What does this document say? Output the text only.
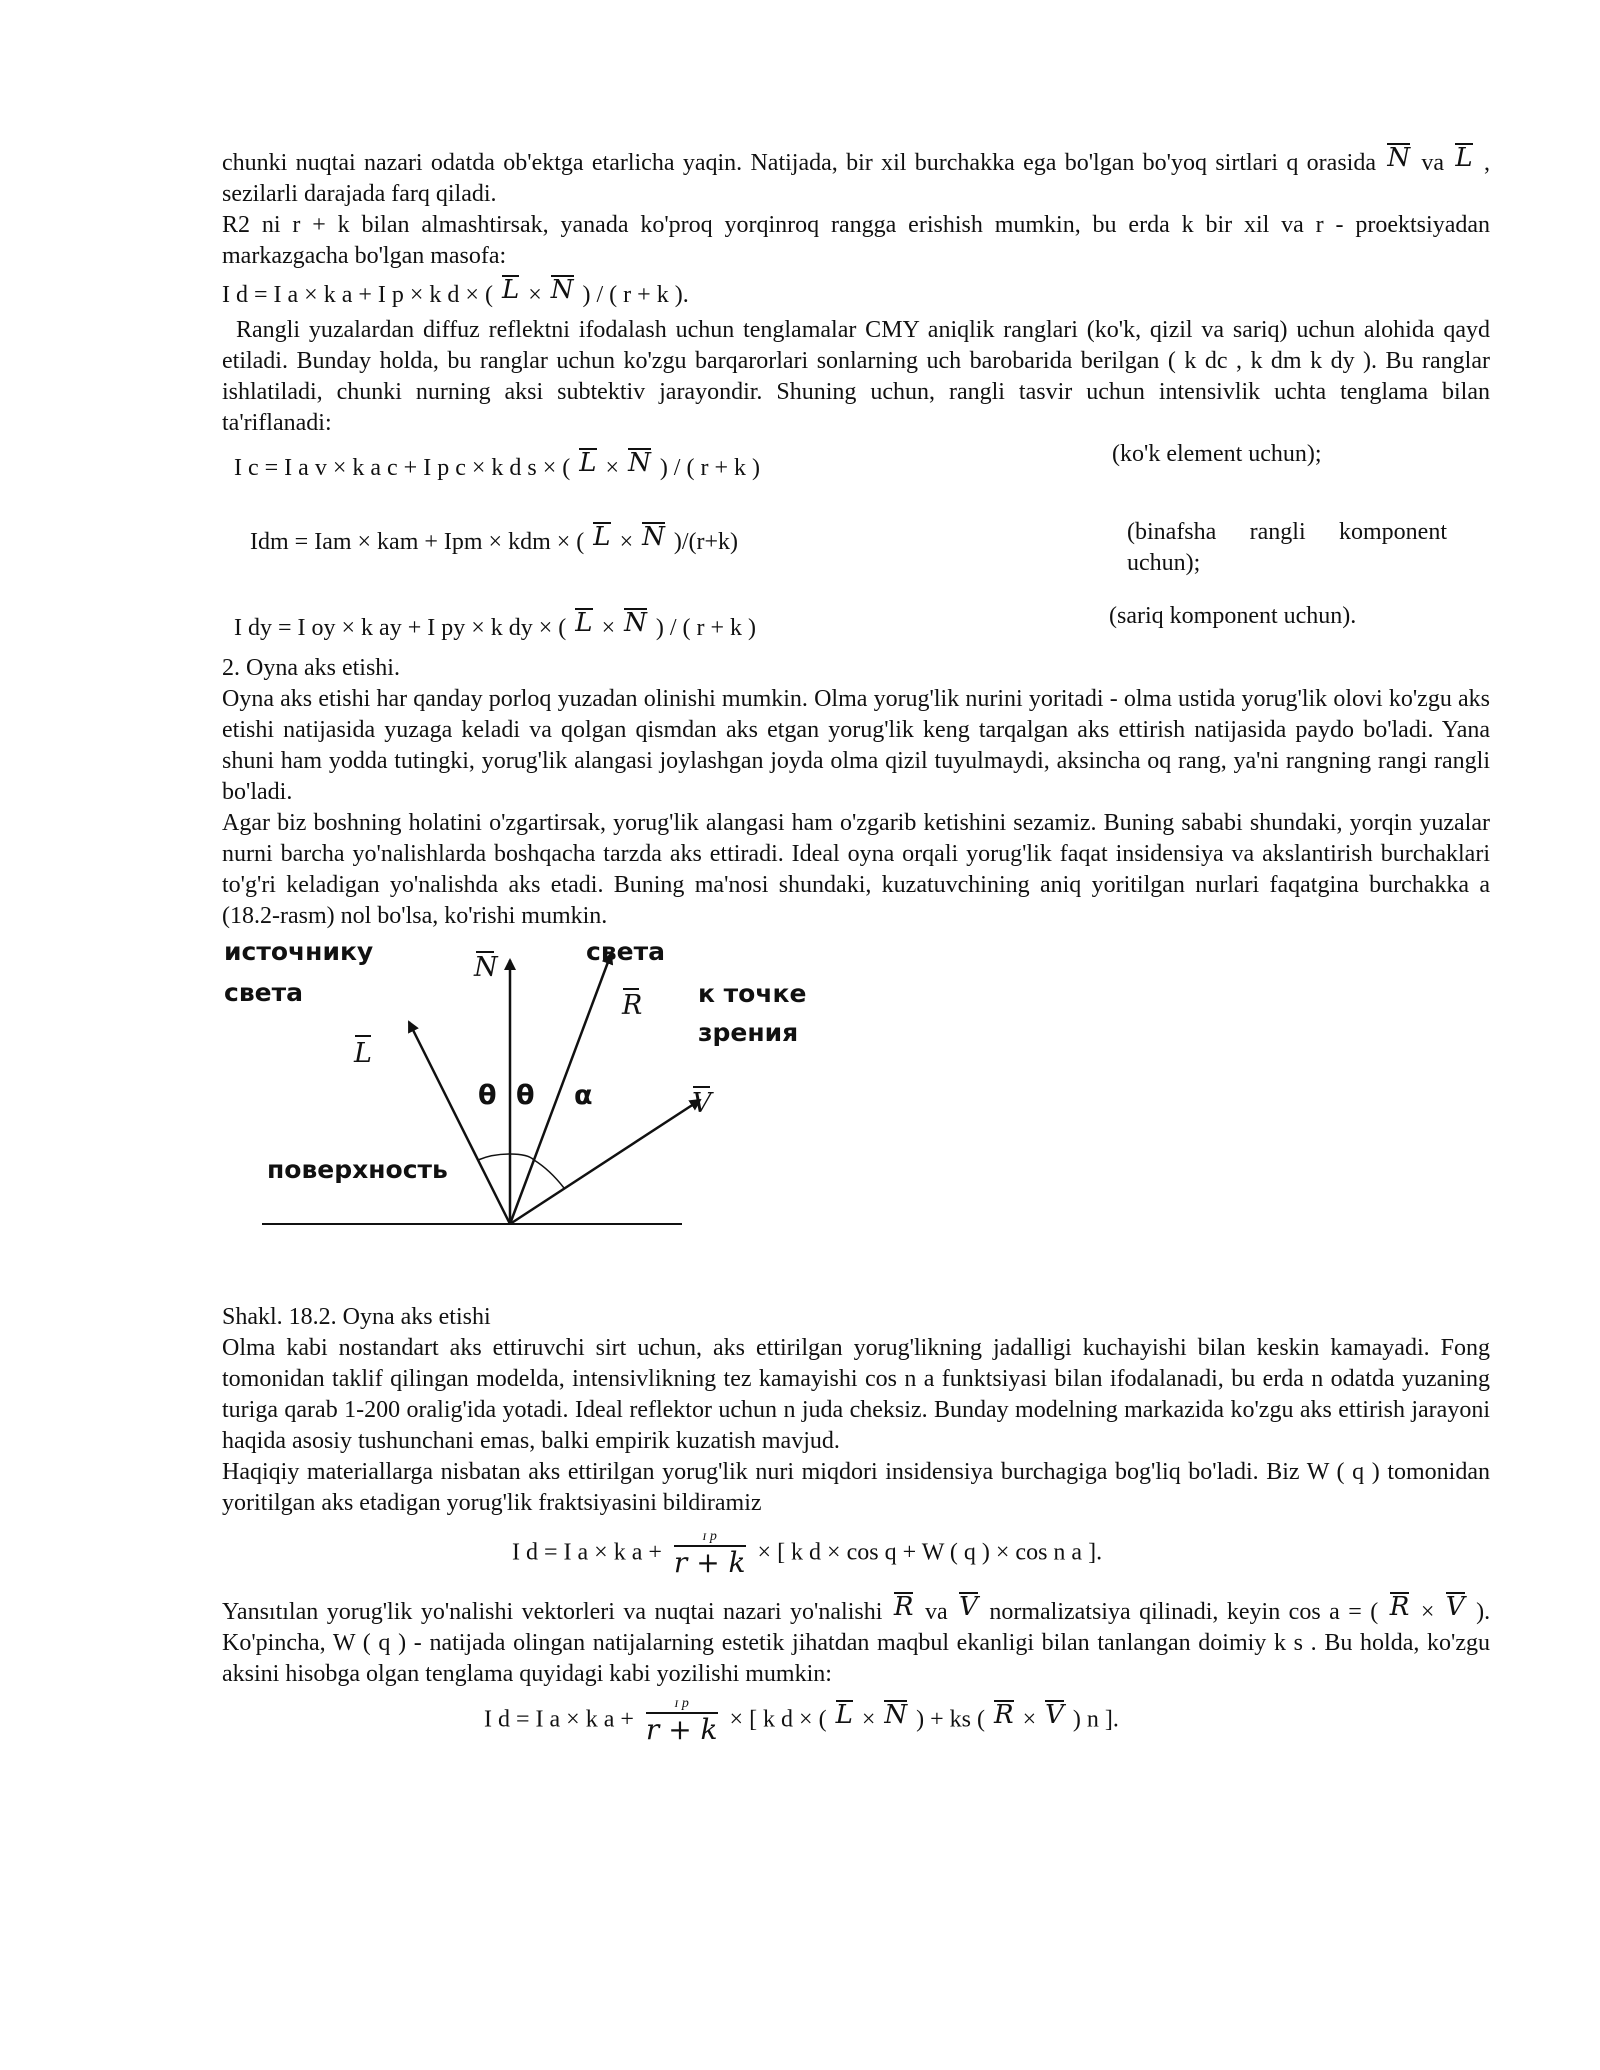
chunki nuqtai nazari odatda ob'ektga etarlicha yaqin. Natijada, bir xil burchakka ega bo'lgan bo'yoq sirtlari q orasida N va L , sezilarli darajada farq qiladi.

R2 ni r + k bilan almashtirsak, yanada ko'proq yorqinroq rangga erishish mumkin, bu erda k bir xil va r - proektsiyadan markazgacha bo'lgan masofa:

I d = I a × k a + I p × k d × ( L × N ) / ( r + k ).

Rangli yuzalardan diffuz reflektni ifodalash uchun tenglamalar CMY aniqlik ranglari (ko'k, qizil va sariq) uchun alohida qayd etiladi. Bunday holda, bu ranglar uchun ko'zgu barqarorlari sonlarning uch barobarida berilgan ( k dc , k dm k dy ). Bu ranglar ishlatiladi, chunki nurning aksi subtektiv jarayondir. Shuning uchun, rangli tasvir uchun intensivlik uchta tenglama bilan ta'riflanadi:

I c = I a v × k a c + I p c × k d s × ( L × N ) / ( r + k )
(ko'k element uchun);
Idm = Iam × kam + Ipm × kdm × ( L × N )/(r+k)	(binafsha rangli komponent uchun);
I dy = I oy × k ay + I py × k dy × ( L × N ) / ( r + k )	(sariq komponent uchun).

2. Oyna aks etishi.

Oyna aks etishi har qanday porloq yuzadan olinishi mumkin. Olma yorug'lik nurini yoritadi - olma ustida yorug'lik olovi ko'zgu aks etishi natijasida yuzaga keladi va qolgan qismdan aks etgan yorug'lik keng tarqalgan aks ettirish natijasida paydo bo'ladi. Yana shuni ham yodda tutingki, yorug'lik alangasi joylashgan joyda olma qizil tuyulmaydi, aksincha oq rang, ya'ni rangning rangi rangli bo'ladi.

Agar biz boshning holatini o'zgartirsak, yorug'lik alangasi ham o'zgarib ketishini sezamiz. Buning sababi shundaki, yorqin yuzalar nurni barcha yo'nalishlarda boshqacha tarzda aks ettiradi. Ideal oyna orqali yorug'lik faqat insidensiya va akslantirish burchaklari to'g'ri keladigan yo'nalishda aks etadi. Buning ma'nosi shundaki, kuzatuvchining aniq yoritilgan nurlari faqatgina burchakka a (18.2-rasm) nol bo'lsa, ko'rishi mumkin.

источнику
света
света
к точке
зрения
поверхность
N
L
R
V
θ θ α

Shakl. 18.2. Oyna aks etishi

Olma kabi nostandart aks ettiruvchi sirt uchun, aks ettirilgan yorug'likning jadalligi kuchayishi bilan keskin kamayadi. Fong tomonidan taklif qilingan modelda, intensivlikning tez kamayishi cos n a funktsiyasi bilan ifodalanadi, bu erda n odatda yuzaning turiga qarab 1-200 oralig'ida yotadi. Ideal reflektor uchun n juda cheksiz. Bunday modelning markazida ko'zgu aks ettirish jarayoni haqida asosiy tushunchani emas, balki empirik kuzatish mavjud.

Haqiqiy materiallarga nisbatan aks ettirilgan yorug'lik nuri miqdori insidensiya burchagiga bog'liq bo'ladi. Biz W ( q ) tomonidan yoritilgan aks etadigan yorug'lik fraktsiyasini bildiramiz

I d = I a × k $a + \frac{\text{ɪ p}}{r + k}$ × [ k d × cos q + W ( q ) × cos n a ].

Yansıtılan yorug'lik yo'nalishi vektorleri va nuqtai nazari yo'nalishi R va V normalizatsiya qilinadi, keyin cos a = ( R × V ). Ko'pincha, W ( q ) - natijada olingan natijalarning estetik jihatdan maqbul ekanligi bilan tanlangan doimiy k s . Bu holda, ko'zgu aksini hisobga olgan tenglama quyidagi kabi yozilishi mumkin:

I d = I a × k $a + \frac{\text{ɪ p}}{r + k}$ × [ k d × ( L × N ) + ks ( R × V ) n ].
